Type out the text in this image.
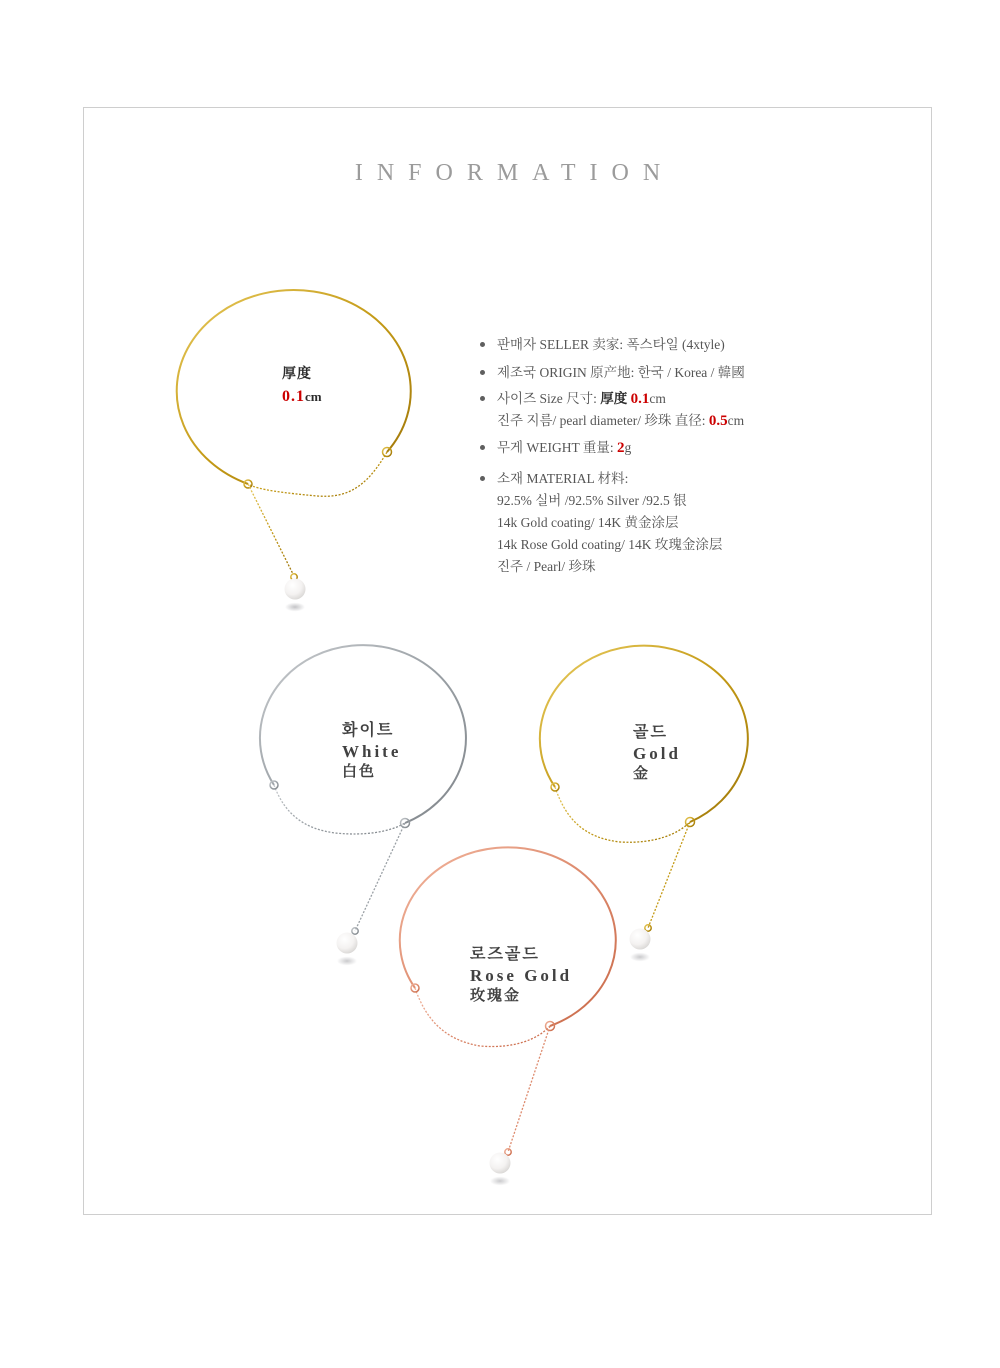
INFORMATION
厚度
0.1cm
판매자 SELLER 卖家: 폭스타일 (4xtyle)
제조국 ORIGIN 原产地: 한국 / Korea / 韓國
사이즈 Size 尺寸: 厚度 0.1cm
진주 지름/ pearl diameter/ 珍珠 直径: 0.5cm
무게 WEIGHT 重量: 2g
소재 MATERIAL 材料:
92.5% 실버 /92.5% Silver /92.5 银
14k Gold coating/ 14K 黄金涂层
14k Rose Gold coating/ 14K 玫瑰金涂层
진주 / Pearl/ 珍珠
화이트
White
白色
골드
Gold
金
로즈골드
Rose Gold
玫瑰金
